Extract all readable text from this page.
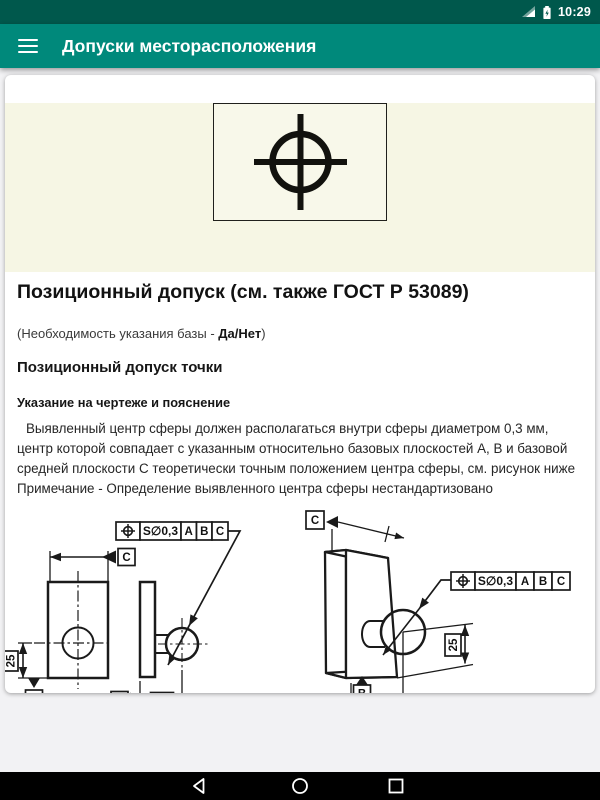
10:29
Допуски месторасположения
Позиционный допуск (см. также ГОСТ Р 53089)

(Необходимость указания базы - Да/Нет)

Позиционный допуск точки

Указание на чертеже и пояснение

Выявленный центр сферы должен располагаться внутри сферы диаметром 0,3 мм, центр которой совпадает с указанным относительно базовых плоскостей А, В и базовой средней плоскости С теоретически точным положением центра сферы, см. рисунок ниже

Примечание - Определение выявленного центра сферы нестандартизовано

S∅0,3 A B C
C
25
B	A	30
C
S∅0,3 A B C
25
B
A
30
